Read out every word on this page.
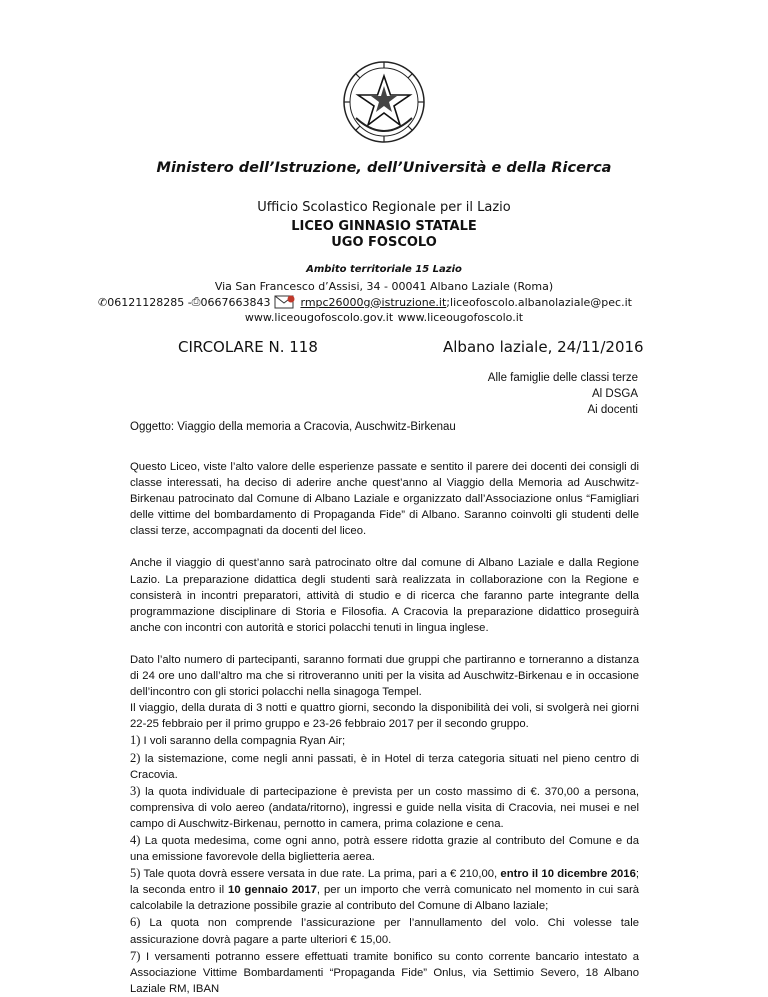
Ministero dell’Istruzione, dell’Università e della Ricerca
Ufficio Scolastico Regionale per il Lazio
LICEO GINNASIO STATALE
UGO FOSCOLO
Ambito territoriale 15 Lazio
Via San Francesco d’Assisi, 34 - 00041 Albano Laziale (Roma)
✆ 06121128285 - ⎙ 0667663843	rmpc26000g@istruzione.it ; liceofoscolo.albanolaziale@pec.it
www.liceougofoscolo.gov.it www.liceougofoscolo.it
CIRCOLARE N. 118	Albano laziale, 24/11/2016
Alle famiglie delle classi terze
Al DSGA
Ai docenti
Oggetto: Viaggio della memoria a Cracovia, Auschwitz-Birkenau

Questo Liceo, viste l’alto valore delle esperienze passate e sentito il parere dei docenti dei consigli di classe interessati, ha deciso di aderire anche quest’anno al Viaggio della Memoria ad Auschwitz-Birkenau patrocinato dal Comune di Albano Laziale e organizzato dall’Associazione onlus “Famigliari delle vittime del bombardamento di Propaganda Fide” di Albano. Saranno coinvolti gli studenti delle classi terze, accompagnati da docenti del liceo.

Anche il viaggio di quest’anno sarà patrocinato oltre dal comune di Albano Laziale e dalla Regione Lazio. La preparazione didattica degli studenti sarà realizzata in collaborazione con la Regione e consisterà in incontri preparatori, attività di studio e di ricerca che faranno parte integrante della programmazione disciplinare di Storia e Filosofia. A Cracovia la preparazione didattico proseguirà anche con incontri con autorità e storici polacchi tenuti in lingua inglese.

Dato l’alto numero di partecipanti, saranno formati due gruppi che partiranno e torneranno a distanza di 24 ore uno dall’altro ma che si ritroveranno uniti per la visita ad Auschwitz-Birkenau e in occasione dell’incontro con gli storici polacchi nella sinagoga Tempel.
Il viaggio, della durata di 3 notti e quattro giorni, secondo la disponibilità dei voli, si svolgerà nei giorni 22-25 febbraio per il primo gruppo e 23-26 febbraio 2017 per il secondo gruppo.
1) I voli saranno della compagnia Ryan Air;
2) la sistemazione, come negli anni passati, è in Hotel di terza categoria situati nel pieno centro di Cracovia.
3) la quota individuale di partecipazione è prevista per un costo massimo di €. 370,00 a persona, comprensiva di volo aereo (andata/ritorno), ingressi e guide nella visita di Cracovia, nei musei e nel campo di Auschwitz-Birkenau, pernotto in camera, prima colazione e cena.
4) La quota medesima, come ogni anno, potrà essere ridotta grazie al contributo del Comune e da una emissione favorevole della biglietteria aerea.
5) Tale quota dovrà essere versata in due rate. La prima, pari a € 210,00, entro il 10 dicembre 2016; la seconda entro il 10 gennaio 2017, per un importo che verrà comunicato nel momento in cui sarà calcolabile la detrazione possibile grazie al contributo del Comune di Albano laziale;
6) La quota non comprende l’assicurazione per l’annullamento del volo. Chi volesse tale assicurazione dovrà pagare a parte ulteriori € 15,00.
7) I versamenti potranno essere effettuati tramite bonifico su conto corrente bancario intestato a Associazione Vittime Bombardamenti “Propaganda Fide” Onlus, via Settimio Severo, 18 Albano Laziale RM, IBAN
